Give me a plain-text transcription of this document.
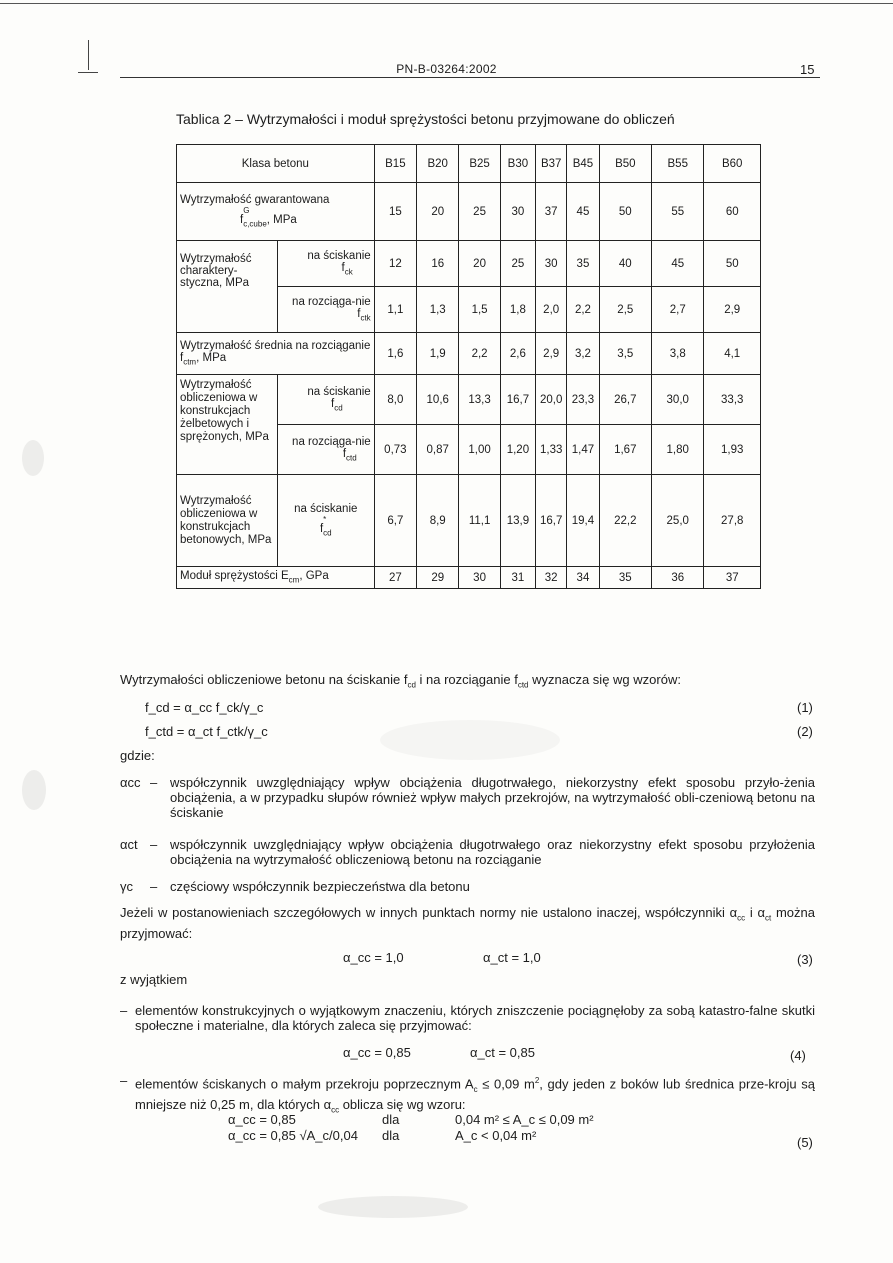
PN-B-03264:2002	15
Tablica 2 – Wytrzymałości i moduł sprężystości betonu przyjmowane do obliczeń
Klasa betonu		B15	B20	B25	B30	B37	B45	B50	B55	B60

Wytrzymałość gwarantowana
f
G
$_{c,cube}$, MPa		15	20	25	30	37	45	50	55	60
Wytrzymałość charaktery-styczna, MPa	na ściskanie
$f_{ck}$	12	16	20	25	30	35	40	45	50

	na rozciąga-nie
$f_{ctk}$	1,1	1,3	1,5	1,8	2,0	2,2	2,5	2,7	2,9
Wytrzymałość średnia na rozciąganie $f_{ctm}$, MPa		1,6	1,9	2,2	2,6	2,9	3,2	3,5	3,8	4,1
Wytrzymałość obliczeniowa w konstrukcjach żelbetowych i sprężonych, MPa	na ściskanie
$f_{cd}$	8,0	10,6	13,3	16,7	20,0	23,3	26,7	30,0	33,3

	na rozciąga-nie
$f_{ctd}$	0,73	0,87	1,00	1,20	1,33	1,47	1,67	1,80	1,93
Wytrzymałość obliczeniowa w konstrukcjach betonowych, MPa	na ściskanie
f
*
$_{cd}$	6,7	8,9	11,1	13,9	16,7	19,4	22,2	25,0	27,8
Moduł sprężystości $E_{cm}$, GPa		27	29	30	31	32	34	35	36	37
Wytrzymałości obliczeniowe betonu na ściskanie $f_{cd}$ i na rozciąganie $f_{ctd}$ wyznacza się wg wzorów:
f_cd = α_cc f_ck/γ_c	(1)
f_ctd = α_ct f_ctk/γ_c	(2)
gdzie:
αcc – współczynnik uwzględniający wpływ obciążenia długotrwałego, niekorzystny efekt sposobu przyło-żenia obciążenia, a w przypadku słupów również wpływ małych przekrojów, na wytrzymałość obli-czeniową betonu na ściskanie
αct – współczynnik uwzględniający wpływ obciążenia długotrwałego oraz niekorzystny efekt sposobu przyłożenia obciążenia na wytrzymałość obliczeniową betonu na rozciąganie
γc – częściowy współczynnik bezpieczeństwa dla betonu
Jeżeli w postanowieniach szczegółowych w innych punktach normy nie ustalono inaczej, współczynniki $\alpha_{cc}$ i $\alpha_{ct}$ można przyjmować:
α_cc = 1,0	α_ct = 1,0	(3)
z wyjątkiem
– elementów konstrukcyjnych o wyjątkowym znaczeniu, których zniszczenie pociągnęłoby za sobą katastro-falne skutki społeczne i materialne, dla których zaleca się przyjmować:
α_cc = 0,85	α_ct = 0,85	(4)
– elementów ściskanych o małym przekroju poprzecznym $A_c \le 0,09$ $m^2$, gdy jeden z boków lub średnica prze-kroju są mniejsze niż 0,25 m, dla których $\alpha_{cc}$ oblicza się wg wzoru:
α_cc = 0,85	dla	0,04 m² ≤ A_c ≤ 0,09 m²
α_cc = 0,85 √A_c/0,04 dla	A_c < 0,04 m²	(5)
